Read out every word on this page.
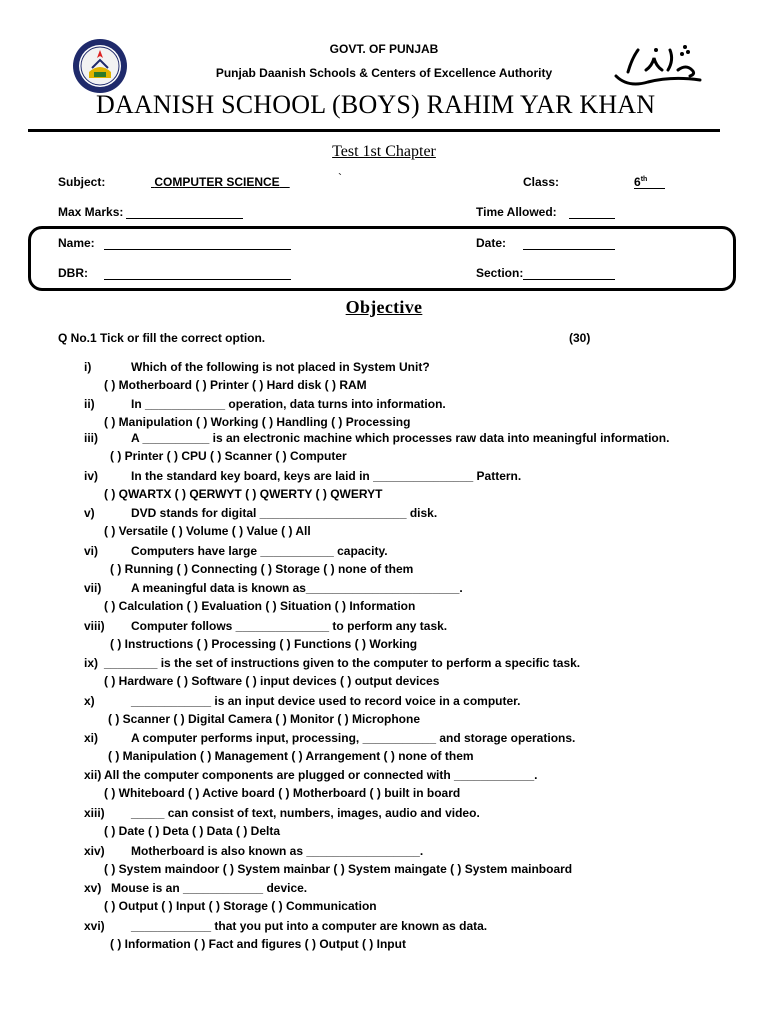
GOVT. OF PUNJAB
Punjab Daanish Schools & Centers of Excellence Authority
DAANISH SCHOOL (BOYS) RAHIM YAR KHAN
Test 1st Chapter
Subject:	COMPUTER SCIENCE	`	Class:	6th
Max Marks:	Time Allowed:
Name:	Date:
DBR:	Section:
Objective
Q No.1 Tick or fill the correct option.	(30)
i)	Which of the following is not placed in System Unit?
( ) Motherboard ( ) Printer ( ) Hard disk ( ) RAM
ii)	In ____________ operation, data turns into information.
( ) Manipulation ( ) Working ( ) Handling ( ) Processing
iii)	A __________ is an electronic machine which processes raw data into meaningful information.
( ) Printer ( ) CPU ( ) Scanner ( ) Computer
iv)	In the standard key board, keys are laid in _______________ Pattern.
( ) QWARTX ( ) QERWYT ( ) QWERTY ( ) QWERYT
v)	DVD stands for digital ______________________ disk.
( ) Versatile ( ) Volume ( ) Value ( ) All
vi)	Computers have large ___________ capacity.
( ) Running ( ) Connecting ( ) Storage ( ) none of them
vii) A meaningful data is known as_______________________.
( ) Calculation ( ) Evaluation ( ) Situation ( ) Information
viii) Computer follows ______________ to perform any task.
( ) Instructions ( ) Processing ( ) Functions ( ) Working
ix) ________ is the set of instructions given to the computer to perform a specific task.
( ) Hardware ( ) Software ( ) input devices ( ) output devices
x)	____________ is an input device used to record voice in a computer.
( ) Scanner ( ) Digital Camera ( ) Monitor ( ) Microphone
xi)	A computer performs input, processing, ___________ and storage operations.
( ) Manipulation ( ) Management ( ) Arrangement ( ) none of them
xii) All the computer components are plugged or connected with ____________.
( ) Whiteboard ( ) Active board ( ) Motherboard ( ) built in board
xiii) _____ can consist of text, numbers, images, audio and video.
( ) Date ( ) Deta ( ) Data ( ) Delta
xiv) Motherboard is also known as _________________.
( ) System maindoor ( ) System mainbar ( ) System maingate ( ) System mainboard
xv) Mouse is an ____________ device.
( ) Output ( ) Input ( ) Storage ( ) Communication
xvi) ____________ that you put into a computer are known as data.
( ) Information ( ) Fact and figures ( ) Output ( ) Input
